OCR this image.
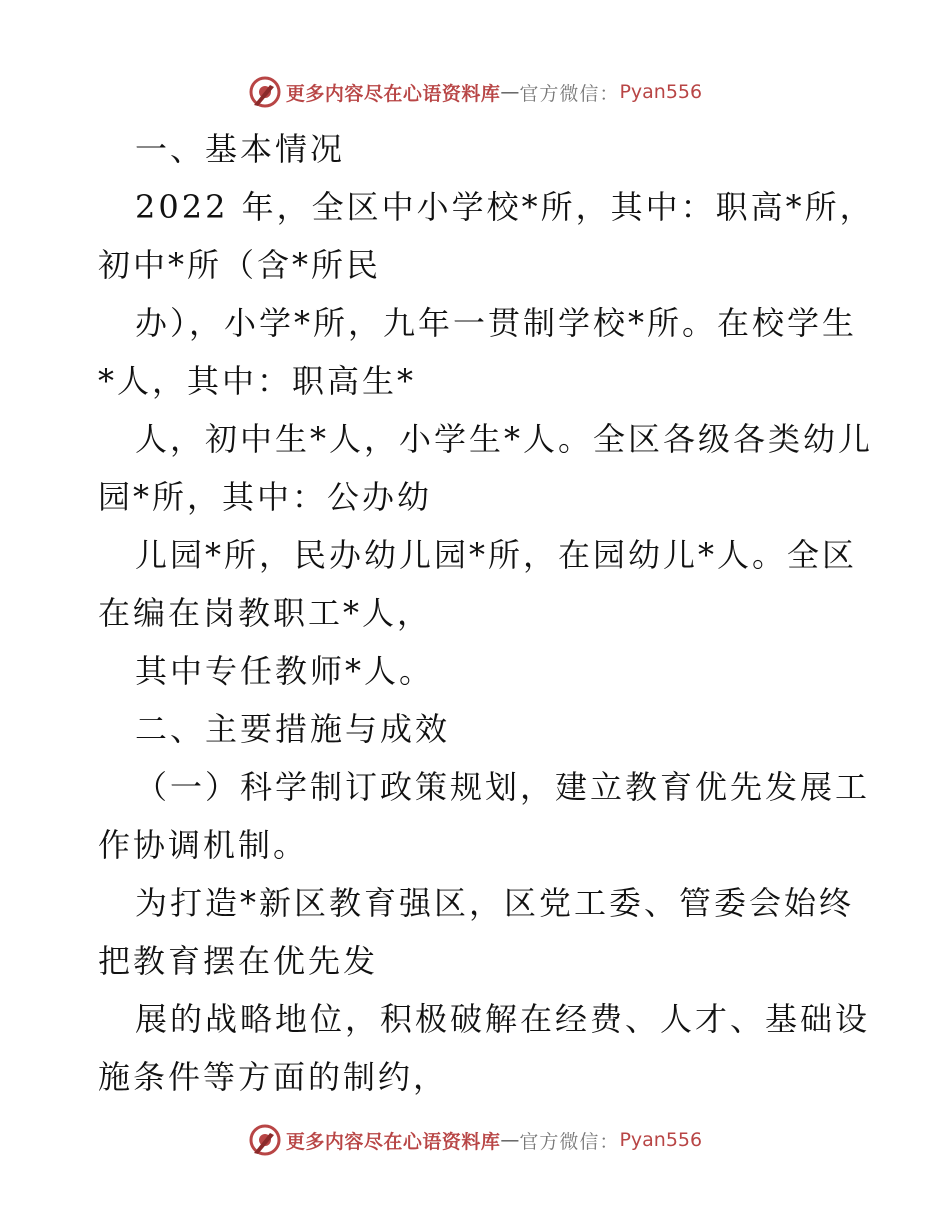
更多内容尽在心语资料库 — 官方微信： Pyan556
一、基本情况
2022 年，全区中小学校*所，其中：职高*所，
初中*所（含*所民
办），小学*所，九年一贯制学校*所。在校学生
*人，其中：职高生*
人，初中生*人，小学生*人。全区各级各类幼儿
园*所，其中：公办幼
儿园*所，民办幼儿园*所，在园幼儿*人。全区
在编在岗教职工*人，
其中专任教师*人。
二、主要措施与成效
（一）科学制订政策规划，建立教育优先发展工
作协调机制。
为打造*新区教育强区，区党工委、管委会始终
把教育摆在优先发
展的战略地位，积极破解在经费、人才、基础设
施条件等方面的制约，
更多内容尽在心语资料库 — 官方微信： Pyan556
